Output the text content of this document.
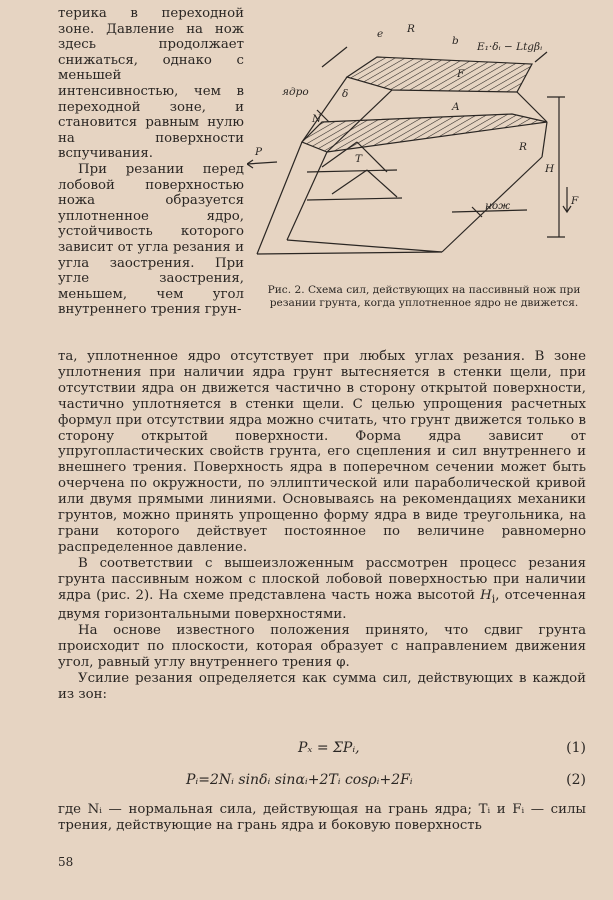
терика в переходной зоне. Давление на нож здесь продолжает снижаться, однако с меньшей интенсивностью, чем в переходной зоне, и становится равным нулю на поверхности вспучивания.

При резании перед лобовой поверхностью ножа образуется уплотненное ядро, устойчивость которого зависит от угла резания и угла заострения. При угле заострения, меньшем, чем угол внутреннего трения грун-

e R
b E₁·δᵢ − Ltgβᵢ
F
ядро	δ
A
N
T
P	R
H
F
нож
Рис. 2. Схема сил, действующих на пассивный нож при резании грунта, когда уплотненное ядро не движется.

та, уплотненное ядро отсутствует при любых углах резания. В зоне уплотнения при наличии ядра грунт вытесняется в стенки щели, при отсутствии ядра он движется частично в сторону открытой поверхности, частично уплотняется в стенки щели. С целью упрощения расчетных формул при отсутствии ядра можно считать, что грунт движется только в сторону открытой поверхности. Форма ядра зависит от упругопластических свойств грунта, его сцепления и сил внутреннего и внешнего трения. Поверхность ядра в поперечном сечении может быть очерчена по окружности, по эллиптической или параболической кривой или двумя прямыми линиями. Основываясь на рекомендациях механики грунтов, можно принять упрощенно форму ядра в виде треугольника, на грани которого действует постоянное по величине равномерно распределенное давление.

В соответствии с вышеизложенным рассмотрен процесс резания грунта пассивным ножом с плоской лобовой поверхностью при наличии ядра (рис. 2). На схеме представлена часть ножа высотой $H_i$, отсеченная двумя горизонтальными поверхностями.

На основе известного положения принято, что сдвиг грунта происходит по плоскости, которая образует с направлением движения угол, равный углу внутреннего трения φ.

Усилие резания определяется как сумма сил, действующих в каждой из зон:

Pₓ = ΣPᵢ,	(1)
Pᵢ=2Nᵢ sinδᵢ sinαᵢ+2Tᵢ cosρᵢ+2Fᵢ	(2)

где Nᵢ — нормальная сила, действующая на грань ядра; Tᵢ и Fᵢ — силы трения, действующие на грань ядра и боковую поверхность

58
